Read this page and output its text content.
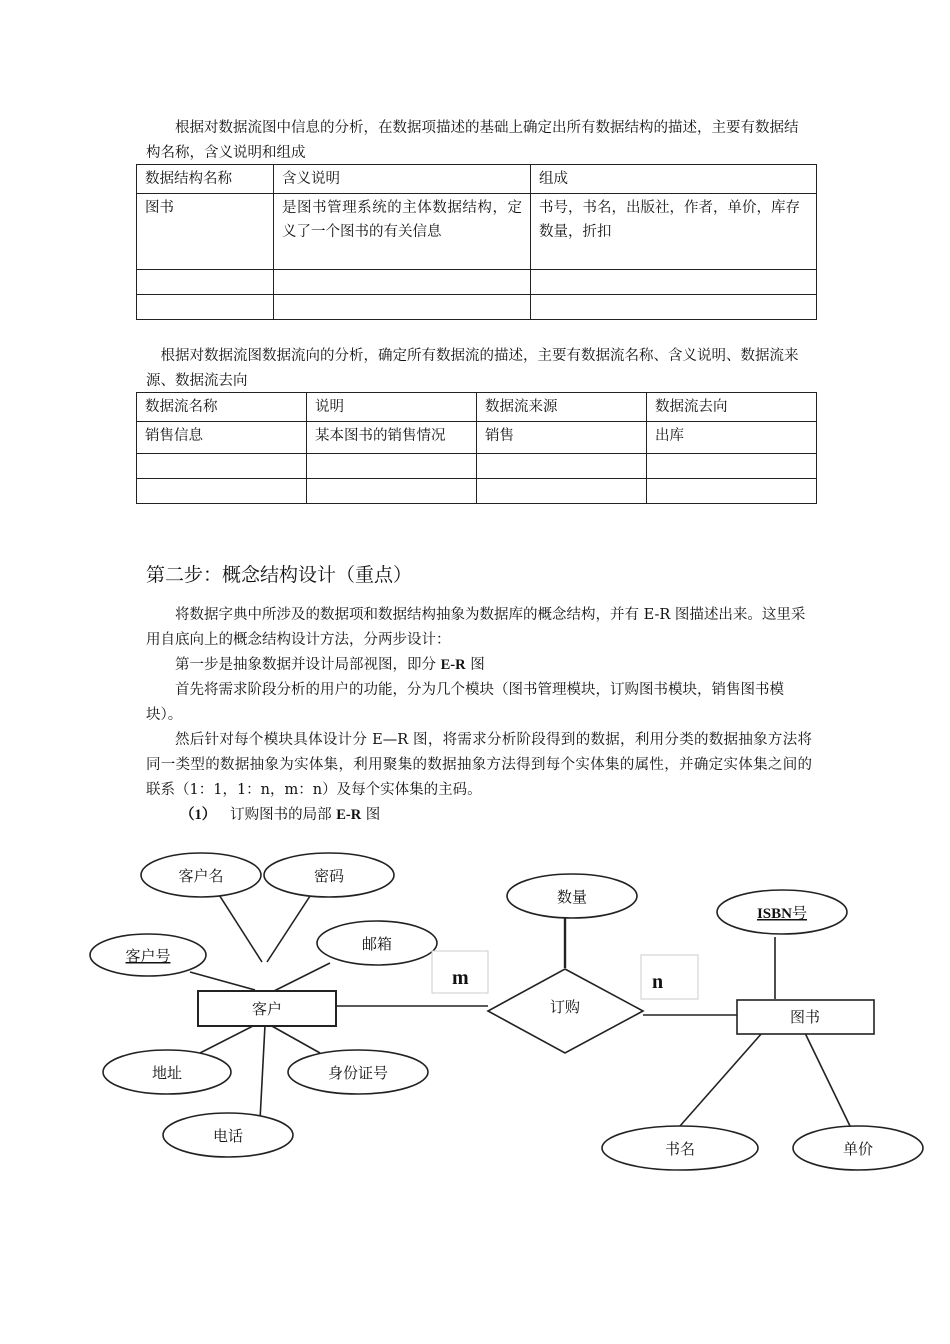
根据对数据流图中信息的分析，在数据项描述的基础上确定出所有数据结构的描述，主要有数据结构名称，含义说明和组成
数据结构名称	含义说明	组成
图书	是图书管理系统的主体数据结构，定义了一个图书的有关信息	书号，书名，出版社，作者，单价，库存数量，折扣

根据对数据流图数据流向的分析，确定所有数据流的描述，主要有数据流名称、含义说明、数据流来源、数据流去向
数据流名称	说明	数据流来源	数据流去向
销售信息	某本图书的销售情况	销售	出库

第二步：概念结构设计（重点）
将数据字典中所涉及的数据项和数据结构抽象为数据库的概念结构，并有 E-R 图描述出来。这里采用自底向上的概念结构设计方法，分两步设计：
第一步是抽象数据并设计局部视图，即分 E-R 图
首先将需求阶段分析的用户的功能，分为几个模块（图书管理模块，订购图书模块，销售图书模块）。
然后针对每个模块具体设计分 E—R 图，将需求分析阶段得到的数据，利用分类的数据抽象方法将同一类型的数据抽象为实体集，利用聚集的数据抽象方法得到每个实体集的属性，并确定实体集之间的联系（1：1，1：n，m：n）及每个实体集的主码。
（1） 订购图书的局部 E-R 图
客户
客户名	密码
邮箱
客户号
地址	身份证号
电话
订购
数量
m	n
图书
ISBN号
书名	单价
